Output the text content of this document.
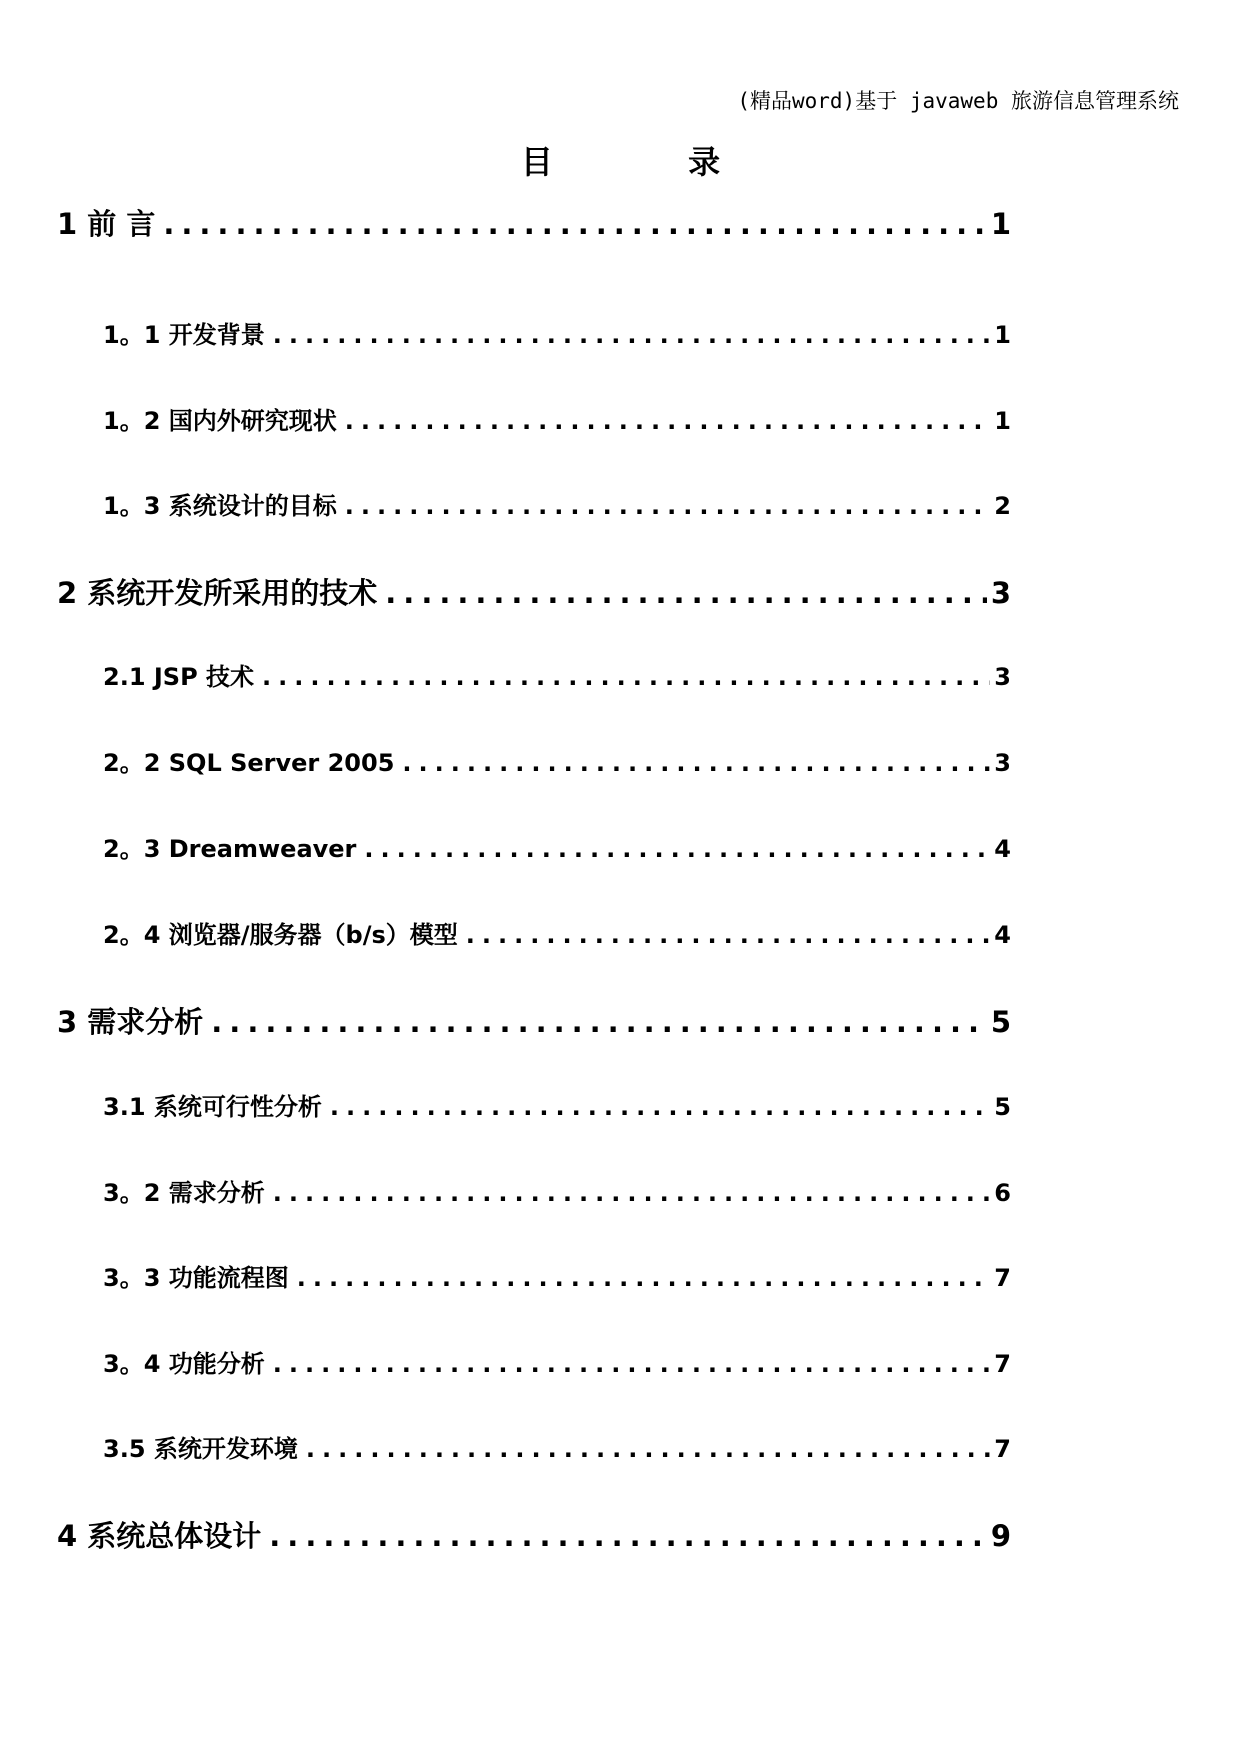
(精品word)基于 javaweb 旅游信息管理系统
目 录
1 前 言 .....	1
1。1 开发背景 .....	1
1。2 国内外研究现状 .....	1
1。3 系统设计的目标 .....	2
2 系统开发所采用的技术 .....	3
2.1 JSP 技术 .....	3
2。2 SQL Server 2005 .....	3
2。3 Dreamweaver .....	4
2。4 浏览器/服务器（b/s）模型 .....	4
3 需求分析 .....	5
3.1 系统可行性分析 .....	5
3。2 需求分析 .....	6
3。3 功能流程图 .....	7
3。4 功能分析 .....	7
3.5 系统开发环境 .....	7
4 系统总体设计 .....	9
